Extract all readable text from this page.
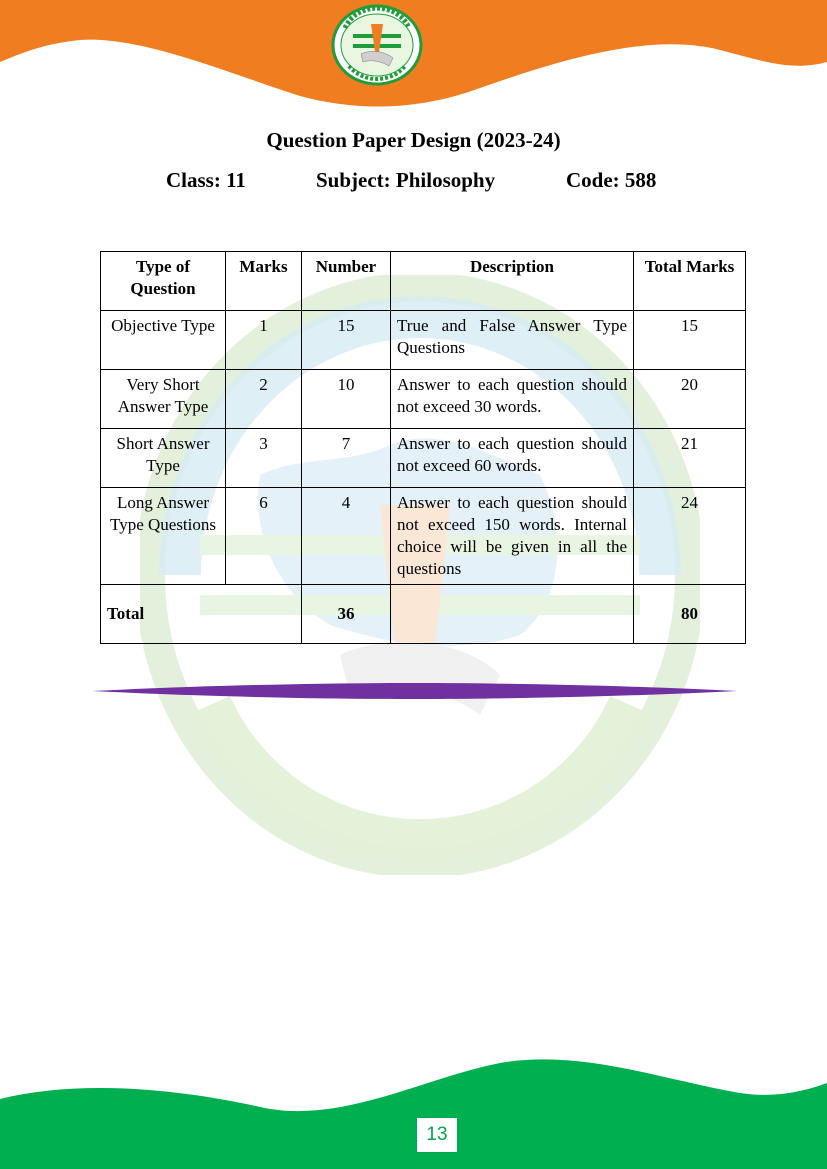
Question Paper Design (2023-24)
Class: 11	Subject: Philosophy	Code: 588
Type of Question	Marks	Number	Description	Total Marks
Objective Type	1	15	True and False Answer Type Questions	15
Very Short Answer Type	2	10	Answer to each question should not exceed 30 words.	20
Short Answer Type	3	7	Answer to each question should not exceed 60 words.	21
Long Answer Type Questions	6	4	Answer to each question should not exceed 150 words. Internal choice will be given in all the questions	24
Total		36		80
13
